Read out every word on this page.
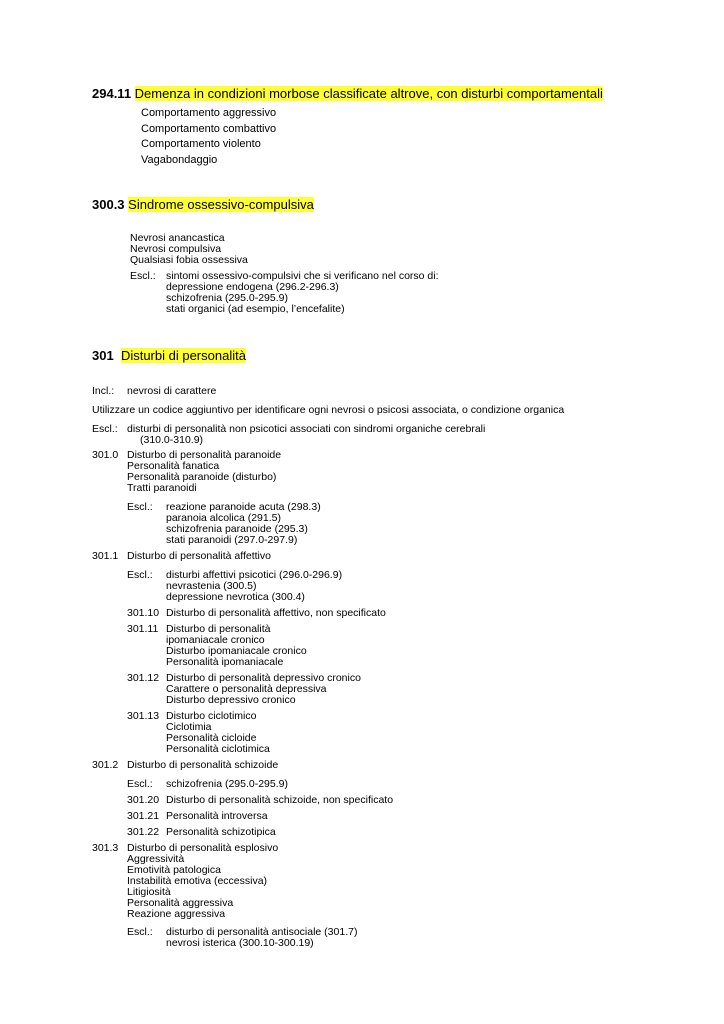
294.11 Demenza in condizioni morbose classificate altrove, con disturbi comportamentali
Comportamento aggressivo
Comportamento combattivo
Comportamento violento
Vagabondaggio
300.3 Sindrome ossessivo-compulsiva
Nevrosi anancastica
Nevrosi compulsiva
Qualsiasi fobia ossessiva
Escl.: sintomi ossessivo-compulsivi che si verificano nel corso di:
depressione endogena (296.2-296.3)
schizofrenia (295.0-295.9)
stati organici (ad esempio, l’encefalite)
301 Disturbi di personalità
Incl.: nevrosi di carattere
Utilizzare un codice aggiuntivo per identificare ogni nevrosi o psicosi associata, o condizione organica
Escl.: disturbi di personalità non psicotici associati con sindromi organiche cerebrali
(310.0-310.9)
301.0 Disturbo di personalità paranoide
Personalità fanatica
Personalità paranoide (disturbo)
Tratti paranoidi
Escl.: reazione paranoide acuta (298.3)
paranoia alcolica (291.5)
schizofrenia paranoide (295.3)
stati paranoidi (297.0-297.9)
301.1 Disturbo di personalità affettivo
Escl.: disturbi affettivi psicotici (296.0-296.9)
nevrastenia (300.5)
depressione nevrotica (300.4)
301.10 Disturbo di personalità affettivo, non specificato
301.11 Disturbo di personalità
ipomaniacale cronico
Disturbo ipomaniacale cronico
Personalità ipomaniacale
301.12 Disturbo di personalità depressivo cronico
Carattere o personalità depressiva
Disturbo depressivo cronico
301.13 Disturbo ciclotimico
Ciclotimia
Personalità cicloide
Personalità ciclotimica
301.2 Disturbo di personalità schizoide
Escl.: schizofrenia (295.0-295.9)
301.20 Disturbo di personalità schizoide, non specificato
301.21 Personalità introversa
301.22 Personalità schizotipica
301.3 Disturbo di personalità esplosivo
Aggressività
Emotività patologica
Instabilità emotiva (eccessiva)
Litigiosità
Personalità aggressiva
Reazione aggressiva
Escl.: disturbo di personalità antisociale (301.7)
nevrosi isterica (300.10-300.19)
